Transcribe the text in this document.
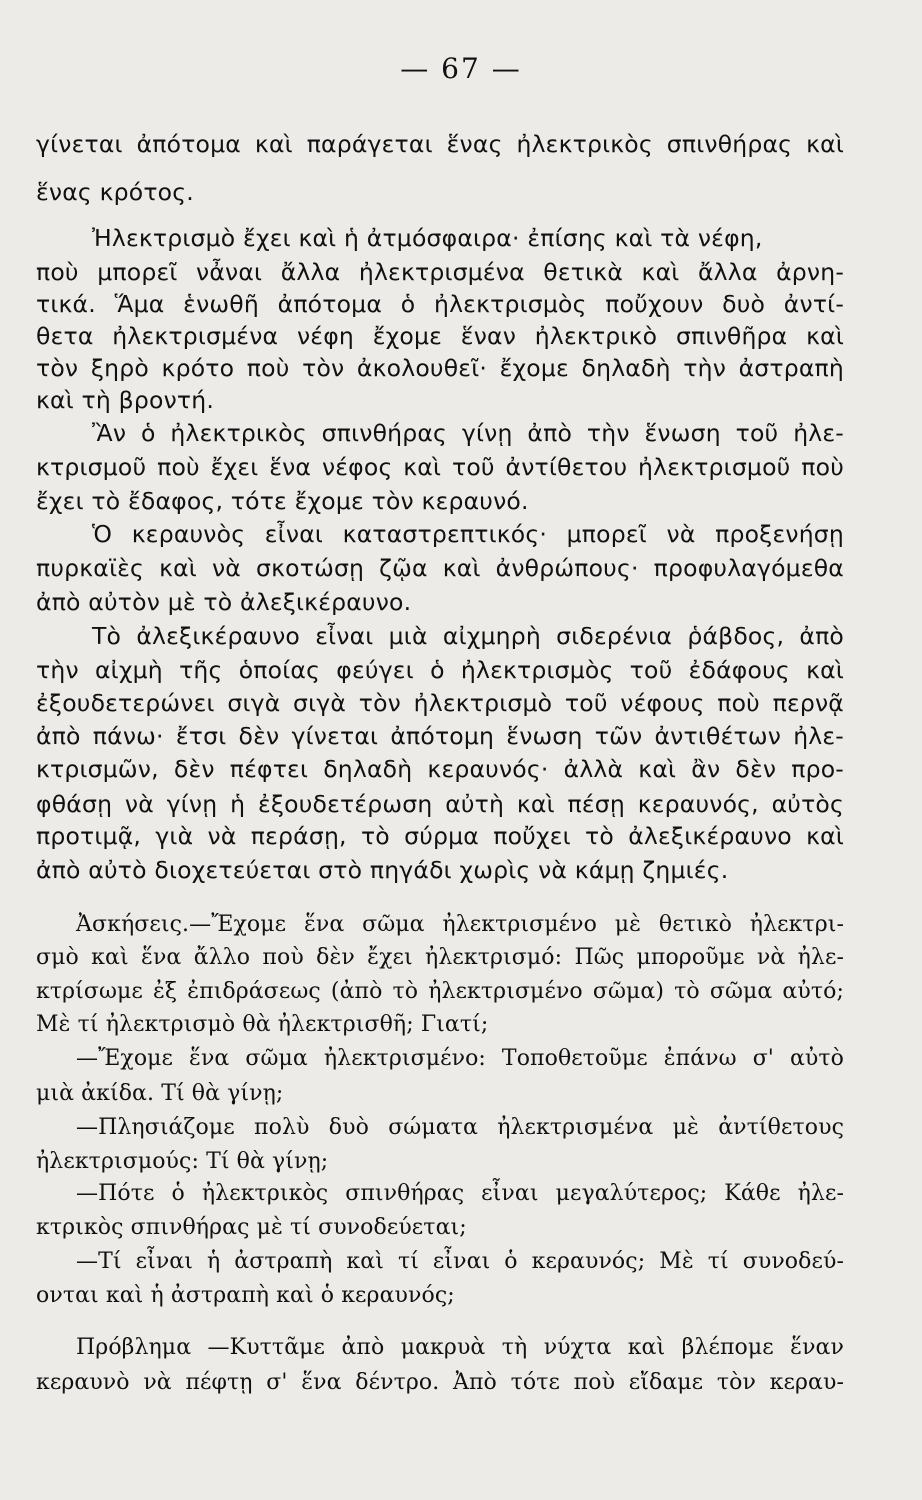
— 67 —
γίνεται ἀπότομα καὶ παράγεται ἕνας ἠλεκτρικὸς σπινθήρας καὶ
ἕνας κρότος.
Ἠλεκτρισμὸ ἔχει καὶ ἡ ἀτμόσφαιρα· ἐπίσης καὶ τὰ νέφη,
ποὺ μπορεῖ νἆναι ἄλλα ἠλεκτρισμένα θετικὰ καὶ ἄλλα ἀρνη-
τικά. Ἅμα ἑνωθῆ ἀπότομα ὁ ἠλεκτρισμὸς ποὔχουν δυὸ ἀντί-
θετα ἠλεκτρισμένα νέφη ἔχομε ἕναν ἠλεκτρικὸ σπινθῆρα καὶ
τὸν ξηρὸ κρότο ποὺ τὸν ἀκολουθεῖ· ἔχομε δηλαδὴ τὴν ἀστραπὴ
καὶ τὴ βροντή.
Ἂν ὁ ἠλεκτρικὸς σπινθήρας γίνῃ ἀπὸ τὴν ἕνωση τοῦ ἠλε-
κτρισμοῦ ποὺ ἔχει ἕνα νέφος καὶ τοῦ ἀντίθετου ἠλεκτρισμοῦ ποὺ
ἔχει τὸ ἔδαφος, τότε ἔχομε τὸν κεραυνό.
Ὁ κεραυνὸς εἶναι καταστρεπτικός· μπορεῖ νὰ προξενήσῃ
πυρκαϊὲς καὶ νὰ σκοτώσῃ ζῷα καὶ ἀνθρώπους· προφυλαγόμεθα
ἀπὸ αὐτὸν μὲ τὸ ἀλεξικέραυνο.
Τὸ ἀλεξικέραυνο εἶναι μιὰ αἰχμηρὴ σιδερένια ῥάβδος, ἀπὸ
τὴν αἰχμὴ τῆς ὁποίας φεύγει ὁ ἠλεκτρισμὸς τοῦ ἐδάφους καὶ
ἐξουδετερώνει σιγὰ σιγὰ τὸν ἠλεκτρισμὸ τοῦ νέφους ποὺ περνᾷ
ἀπὸ πάνω· ἔτσι δὲν γίνεται ἀπότομη ἕνωση τῶν ἀντιθέτων ἠλε-
κτρισμῶν, δὲν πέφτει δηλαδὴ κεραυνός· ἀλλὰ καὶ ἂν δὲν προ-
φθάσῃ νὰ γίνῃ ἡ ἐξουδετέρωση αὐτὴ καὶ πέσῃ κεραυνός, αὐτὸς
προτιμᾷ, γιὰ νὰ περάσῃ, τὸ σύρμα ποὔχει τὸ ἀλεξικέραυνο καὶ
ἀπὸ αὐτὸ διοχετεύεται στὸ πηγάδι χωρὶς νὰ κάμῃ ζημιές.
Ἀσκήσεις.—Ἔχομε ἕνα σῶμα ἠλεκτρισμένο μὲ θετικὸ ἠλεκτρι-
σμὸ καὶ ἕνα ἄλλο ποὺ δὲν ἔχει ἠλεκτρισμό: Πῶς μποροῦμε νὰ ἠλε-
κτρίσωμε ἐξ ἐπιδράσεως (ἀπὸ τὸ ἠλεκτρισμένο σῶμα) τὸ σῶμα αὐτό;
Μὲ τί ἠλεκτρισμὸ θὰ ἠλεκτρισθῆ; Γιατί;
—Ἔχομε ἕνα σῶμα ἠλεκτρισμένο: Τοποθετοῦμε ἐπάνω σ' αὐτὸ
μιὰ ἀκίδα. Τί θὰ γίνῃ;
—Πλησιάζομε πολὺ δυὸ σώματα ἠλεκτρισμένα μὲ ἀντίθετους
ἠλεκτρισμούς: Τί θὰ γίνῃ;
—Πότε ὁ ἠλεκτρικὸς σπινθήρας εἶναι μεγαλύτερος; Κάθε ἠλε-
κτρικὸς σπινθήρας μὲ τί συνοδεύεται;
—Τί εἶναι ἡ ἀστραπὴ καὶ τί εἶναι ὁ κεραυνός; Μὲ τί συνοδεύ-
ονται καὶ ἡ ἀστραπὴ καὶ ὁ κεραυνός;
Πρόβλημα —Κυττᾶμε ἀπὸ μακρυὰ τὴ νύχτα καὶ βλέπομε ἕναν
κεραυνὸ νὰ πέφτῃ σ' ἕνα δέντρο. Ἀπὸ τότε ποὺ εἴδαμε τὸν κεραυ-
